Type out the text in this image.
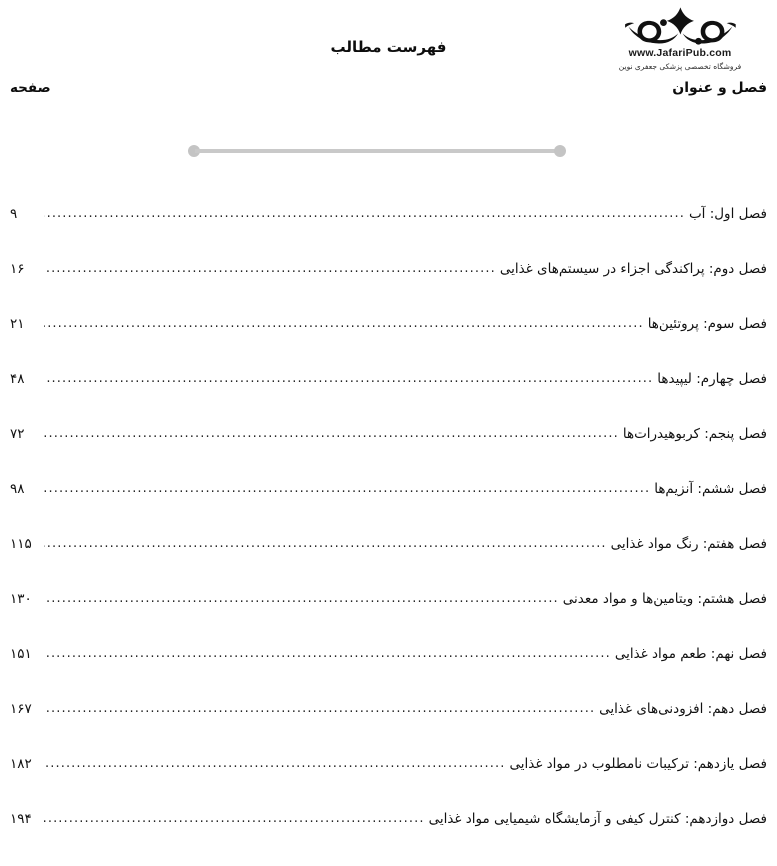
فهرست مطالب	www.JafariPub.com
فروشگاه تخصصی پزشکی جعفری نوین
فصل و عنوان
صفحه
فصل اول: آب
.....
۹
فصل دوم: پراکندگی اجزاء در سیستم‌های غذایی
.....
۱۶
فصل سوم: پروتئین‌ها
.....
۲۱
فصل چهارم: لیپیدها
.....
۴۸
فصل پنجم: کربوهیدرات‌ها
.....
۷۲
فصل ششم: آنزیم‌ها
.....
۹۸
فصل هفتم: رنگ مواد غذایی
.....
۱۱۵
فصل هشتم: ویتامین‌ها و مواد معدنی
.....
۱۳۰
فصل نهم: طعم مواد غذایی
.....
۱۵۱
فصل دهم: افزودنی‌های غذایی
.....
۱۶۷
فصل یازدهم: ترکیبات نامطلوب در مواد غذایی
.....
۱۸۲
فصل دوازدهم: کنترل کیفی و آزمایشگاه شیمیایی مواد غذایی
.....
۱۹۴
